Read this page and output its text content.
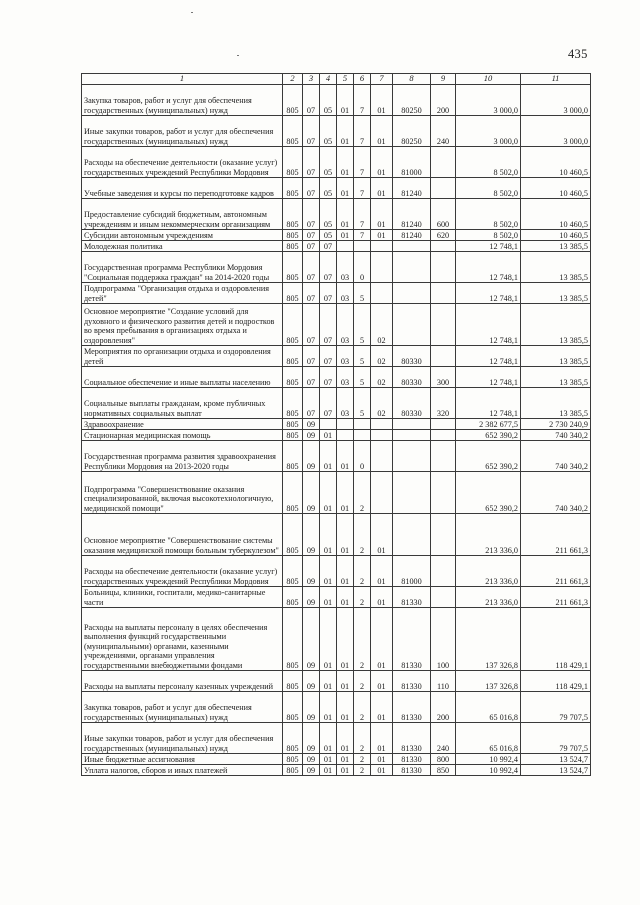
435
1	2	3	4	5	6	7	8	9	10	11
Закупка товаров, работ и услуг для обеспечения государственных (муниципальных) нужд	805	07	05	01	7	01	80250	200	3 000,0	3 000,0
Иные закупки товаров, работ и услуг для обеспечения государственных (муниципальных) нужд	805	07	05	01	7	01	80250	240	3 000,0	3 000,0
Расходы на обеспечение деятельности (оказание услуг) государственных учреждений Республики Мордовия	805	07	05	01	7	01	81000		8 502,0	10 460,5
Учебные заведения и курсы по переподготовке кадров	805	07	05	01	7	01	81240		8 502,0	10 460,5
Предоставление субсидий бюджетным, автономным учреждениям и иным некоммерческим организациям	805	07	05	01	7	01	81240	600	8 502,0	10 460,5
Субсидии автономным учреждениям	805	07	05	01	7	01	81240	620	8 502,0	10 460,5
Молодежная политика	805	07	07						12 748,1	13 385,5
Государственная программа Республики Мордовия "Социальная поддержка граждан" на 2014-2020 годы	805	07	07	03	0				12 748,1	13 385,5
Подпрограмма "Организация отдыха и оздоровления детей"	805	07	07	03	5				12 748,1	13 385,5
Основное мероприятие "Создание условий для духовного и физического развития детей и подростков во время пребывания в организациях отдыха и оздоровления"	805	07	07	03	5	02			12 748,1	13 385,5
Мероприятия по организации отдыха и оздоровления детей	805	07	07	03	5	02	80330		12 748,1	13 385,5
Социальное обеспечение и иные выплаты населению	805	07	07	03	5	02	80330	300	12 748,1	13 385,5
Социальные выплаты гражданам, кроме публичных нормативных социальных выплат	805	07	07	03	5	02	80330	320	12 748,1	13 385,5
Здравоохранение	805	09							2 382 677,5	2 730 240,9
Стационарная медицинская помощь	805	09	01						652 390,2	740 340,2
Государственная программа развития здравоохранения Республики Мордовия на 2013-2020 годы	805	09	01	01	0				652 390,2	740 340,2
Подпрограмма "Совершенствование оказания специализированной, включая высокотехнологичную, медицинской помощи"	805	09	01	01	2				652 390,2	740 340,2
Основное мероприятие "Совершенствование системы оказания медицинской помощи больным туберкулезом"	805	09	01	01	2	01			213 336,0	211 661,3
Расходы на обеспечение деятельности (оказание услуг) государственных учреждений Республики Мордовия	805	09	01	01	2	01	81000		213 336,0	211 661,3
Больницы, клиники, госпитали, медико-санитарные части	805	09	01	01	2	01	81330		213 336,0	211 661,3
Расходы на выплаты персоналу в целях обеспечения выполнения функций государственными (муниципальными) органами, казенными учреждениями, органами управления государственными внебюджетными фондами	805	09	01	01	2	01	81330	100	137 326,8	118 429,1
Расходы на выплаты персоналу казенных учреждений	805	09	01	01	2	01	81330	110	137 326,8	118 429,1
Закупка товаров, работ и услуг для обеспечения государственных (муниципальных) нужд	805	09	01	01	2	01	81330	200	65 016,8	79 707,5
Иные закупки товаров, работ и услуг для обеспечения государственных (муниципальных) нужд	805	09	01	01	2	01	81330	240	65 016,8	79 707,5
Иные бюджетные ассигнования	805	09	01	01	2	01	81330	800	10 992,4	13 524,7
Уплата налогов, сборов и иных платежей	805	09	01	01	2	01	81330	850	10 992,4	13 524,7
